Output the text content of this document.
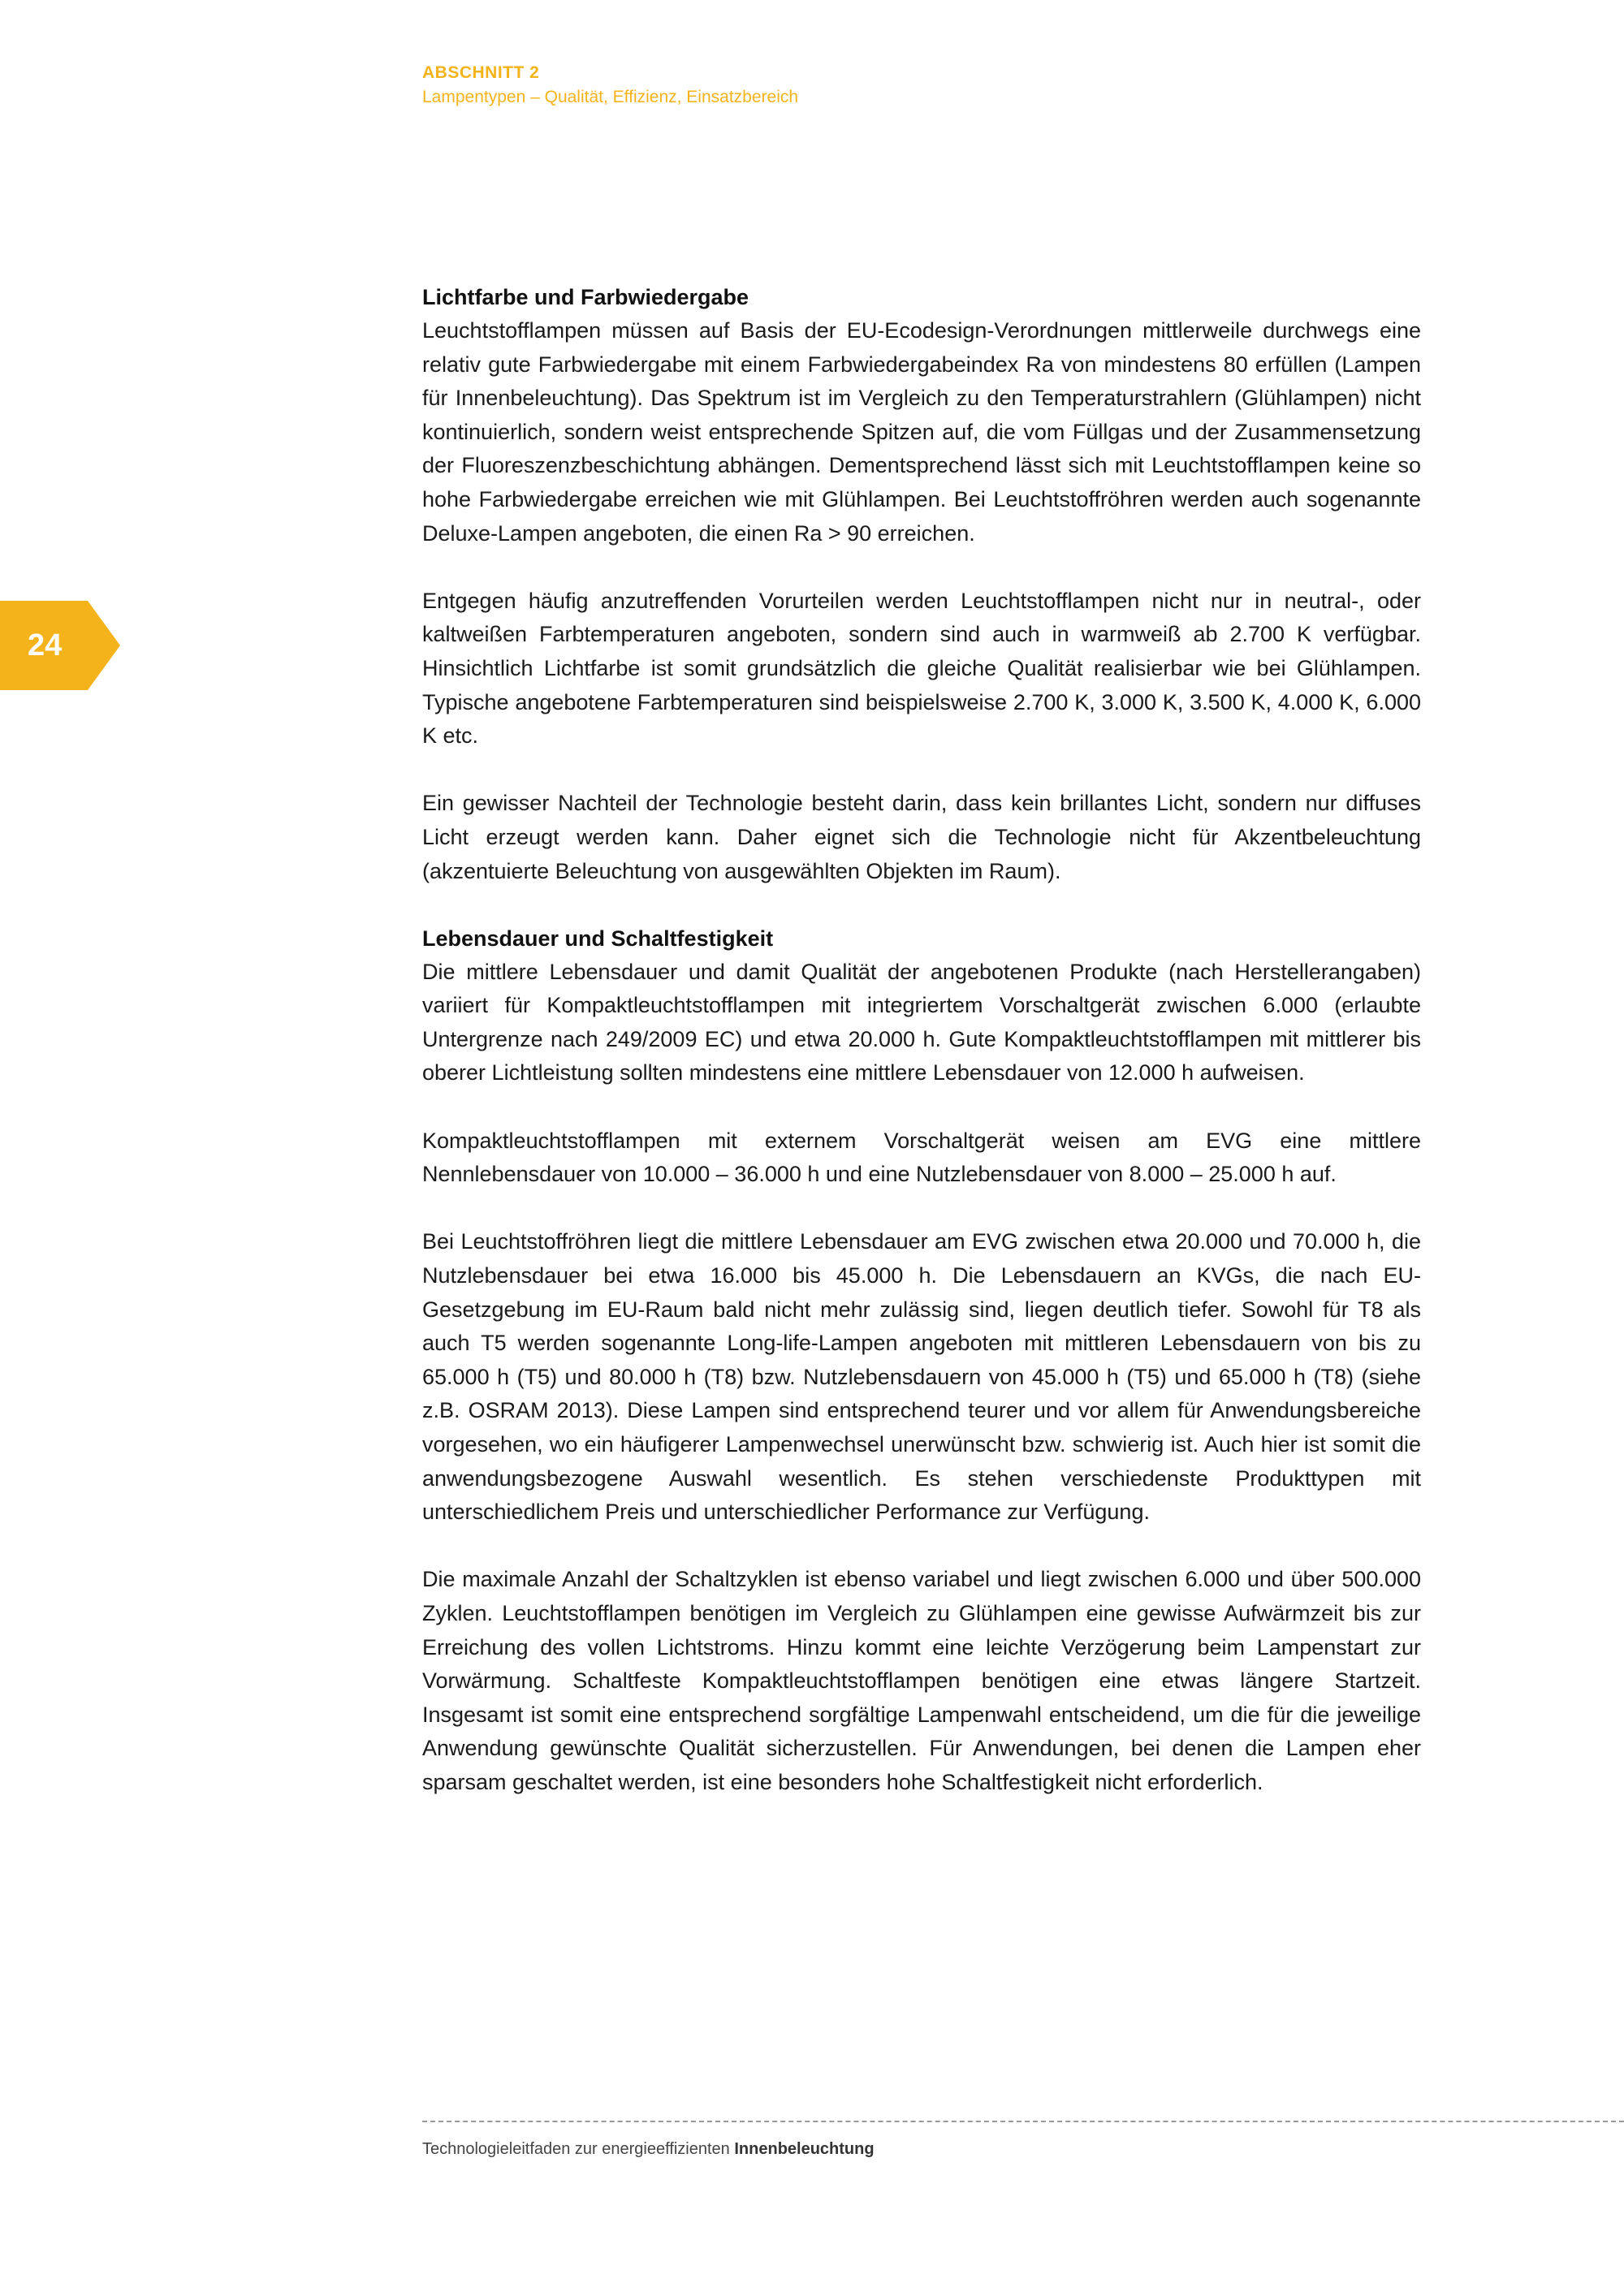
ABSCHNITT 2
Lampentypen – Qualität, Effizienz, Einsatzbereich
24
Lichtfarbe und Farbwiedergabe

Leuchtstofflampen müssen auf Basis der EU-Ecodesign-Verordnungen mittlerweile durchwegs eine relativ gute Farbwiedergabe mit einem Farbwiedergabeindex Ra von mindestens 80 erfüllen (Lampen für Innenbeleuchtung). Das Spektrum ist im Vergleich zu den Temperaturstrahlern (Glühlampen) nicht kontinuierlich, sondern weist entsprechende Spitzen auf, die vom Füllgas und der Zusammensetzung der Fluoreszenzbeschichtung abhängen. Dementsprechend lässt sich mit Leuchtstofflampen keine so hohe Farbwiedergabe erreichen wie mit Glühlampen. Bei Leuchtstoffröhren werden auch sogenannte Deluxe-Lampen angeboten, die einen Ra > 90 erreichen.

Entgegen häufig anzutreffenden Vorurteilen werden Leuchtstofflampen nicht nur in neutral-, oder kaltweißen Farbtemperaturen angeboten, sondern sind auch in warmweiß ab 2.700 K verfügbar. Hinsichtlich Lichtfarbe ist somit grundsätzlich die gleiche Qualität realisierbar wie bei Glühlampen. Typische angebotene Farbtemperaturen sind beispielsweise 2.700 K, 3.000 K, 3.500 K, 4.000 K, 6.000 K etc.

Ein gewisser Nachteil der Technologie besteht darin, dass kein brillantes Licht, sondern nur diffuses Licht erzeugt werden kann. Daher eignet sich die Technologie nicht für Akzentbeleuchtung (akzentuierte Beleuchtung von ausgewählten Objekten im Raum).

Lebensdauer und Schaltfestigkeit

Die mittlere Lebensdauer und damit Qualität der angebotenen Produkte (nach Herstellerangaben) variiert für Kompaktleuchtstofflampen mit integriertem Vorschaltgerät zwischen 6.000 (erlaubte Untergrenze nach 249/2009 EC) und etwa 20.000 h. Gute Kompaktleuchtstofflampen mit mittlerer bis oberer Lichtleistung sollten mindestens eine mittlere Lebensdauer von 12.000 h aufweisen.

Kompaktleuchtstofflampen mit externem Vorschaltgerät weisen am EVG eine mittlere Nennlebensdauer von 10.000 – 36.000 h und eine Nutzlebensdauer von 8.000 – 25.000 h auf.

Bei Leuchtstoffröhren liegt die mittlere Lebensdauer am EVG zwischen etwa 20.000 und 70.000 h, die Nutzlebensdauer bei etwa 16.000 bis 45.000 h. Die Lebensdauern an KVGs, die nach EU-Gesetzgebung im EU-Raum bald nicht mehr zulässig sind, liegen deutlich tiefer. Sowohl für T8 als auch T5 werden sogenannte Long-life-Lampen angeboten mit mittleren Lebensdauern von bis zu 65.000 h (T5) und 80.000 h (T8) bzw. Nutzlebensdauern von 45.000 h (T5) und 65.000 h (T8) (siehe z.B. OSRAM 2013). Diese Lampen sind entsprechend teurer und vor allem für Anwendungsbereiche vorgesehen, wo ein häufigerer Lampenwechsel unerwünscht bzw. schwierig ist. Auch hier ist somit die anwendungsbezogene Auswahl wesentlich. Es stehen verschiedenste Produkttypen mit unterschiedlichem Preis und unterschiedlicher Performance zur Verfügung.

Die maximale Anzahl der Schaltzyklen ist ebenso variabel und liegt zwischen 6.000 und über 500.000 Zyklen. Leuchtstofflampen benötigen im Vergleich zu Glühlampen eine gewisse Aufwärmzeit bis zur Erreichung des vollen Lichtstroms. Hinzu kommt eine leichte Verzögerung beim Lampenstart zur Vorwärmung. Schaltfeste Kompaktleuchtstofflampen benötigen eine etwas längere Startzeit. Insgesamt ist somit eine entsprechend sorgfältige Lampenwahl entscheidend, um die für die jeweilige Anwendung gewünschte Qualität sicherzustellen. Für Anwendungen, bei denen die Lampen eher sparsam geschaltet werden, ist eine besonders hohe Schaltfestigkeit nicht erforderlich.

Technologieleitfaden zur energieeffizienten Innenbeleuchtung
